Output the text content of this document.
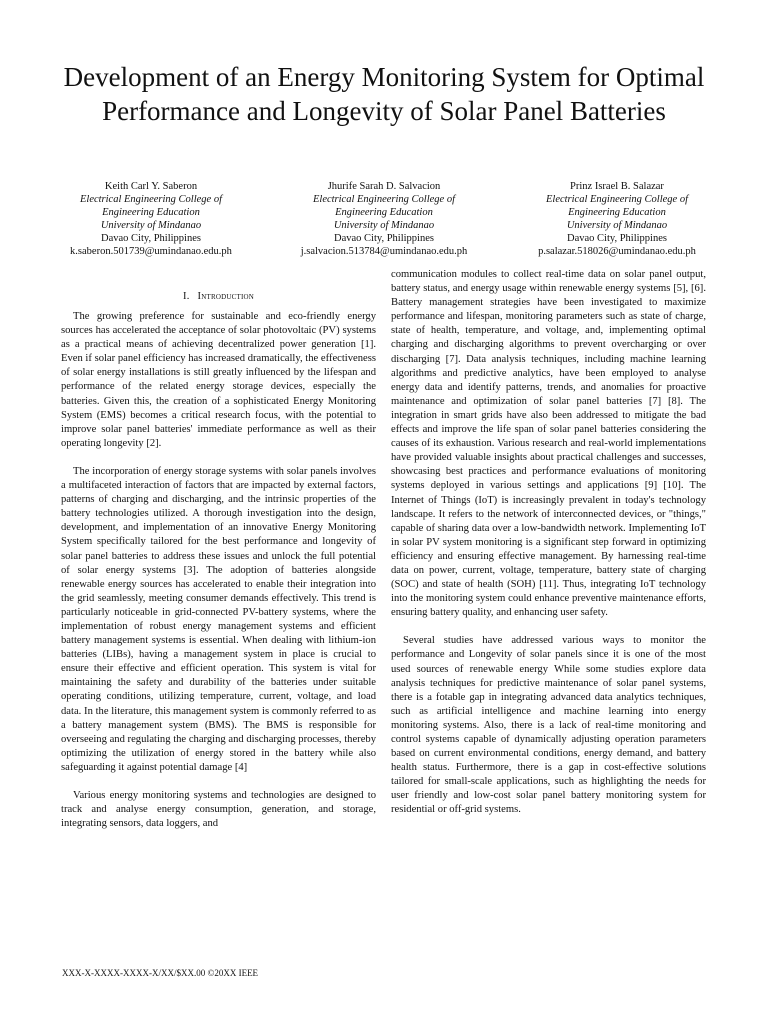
Development of an Energy Monitoring System for Optimal Performance and Longevity of Solar Panel Batteries
Keith Carl Y. Saberon
Electrical Engineering College of
Engineering Education
University of Mindanao
Davao City, Philippines
k.saberon.501739@umindanao.edu.ph
Jhurife Sarah D. Salvacion
Electrical Engineering College of
Engineering Education
University of Mindanao
Davao City, Philippines
j.salvacion.513784@umindanao.edu.ph
Prinz Israel B. Salazar
Electrical Engineering College of
Engineering Education
University of Mindanao
Davao City, Philippines
p.salazar.518026@umindanao.edu.ph
I. Introduction

The growing preference for sustainable and eco-friendly energy sources has accelerated the acceptance of solar photovoltaic (PV) systems as a practical means of achieving decentralized power generation [1]. Even if solar panel efficiency has increased dramatically, the effectiveness of solar energy installations is still greatly influenced by the lifespan and performance of the related energy storage devices, especially the batteries. Given this, the creation of a sophisticated Energy Monitoring System (EMS) becomes a critical research focus, with the potential to improve solar panel batteries' immediate performance as well as their operating longevity [2].

The incorporation of energy storage systems with solar panels involves a multifaceted interaction of factors that are impacted by external factors, patterns of charging and discharging, and the intrinsic properties of the battery technologies utilized. A thorough investigation into the design, development, and implementation of an innovative Energy Monitoring System specifically tailored for the best performance and longevity of solar panel batteries to address these issues and unlock the full potential of solar energy systems [3]. The adoption of batteries alongside renewable energy sources has accelerated to enable their integration into the grid seamlessly, meeting consumer demands effectively. This trend is particularly noticeable in grid-connected PV-battery systems, where the implementation of robust energy management systems and efficient battery management systems is essential. When dealing with lithium-ion batteries (LIBs), having a management system in place is crucial to ensure their effective and efficient operation. This system is vital for maintaining the safety and durability of the batteries under suitable operating conditions, utilizing temperature, current, voltage, and load data. In the literature, this management system is commonly referred to as a battery management system (BMS). The BMS is responsible for overseeing and regulating the charging and discharging processes, thereby optimizing the utilization of energy stored in the battery while also safeguarding it against potential damage [4]

Various energy monitoring systems and technologies are designed to track and analyse energy consumption, generation, and storage, integrating sensors, data loggers, and

communication modules to collect real-time data on solar panel output, battery status, and energy usage within renewable energy systems [5], [6]. Battery management strategies have been investigated to maximize performance and lifespan, monitoring parameters such as state of charge, state of health, temperature, and voltage, and, implementing optimal charging and discharging algorithms to prevent overcharging or over discharging [7]. Data analysis techniques, including machine learning algorithms and predictive analytics, have been employed to analyse energy data and identify patterns, trends, and anomalies for proactive maintenance and optimization of solar panel batteries [7] [8]. The integration in smart grids have also been addressed to mitigate the bad effects and improve the life span of solar panel batteries considering the causes of its exhaustion. Various research and real-world implementations have provided valuable insights about practical challenges and successes, showcasing best practices and performance evaluations of monitoring systems deployed in various settings and applications [9] [10]. The Internet of Things (IoT) is increasingly prevalent in today's technology landscape. It refers to the network of interconnected devices, or "things," capable of sharing data over a low-bandwidth network. Implementing IoT in solar PV system monitoring is a significant step forward in optimizing efficiency and ensuring effective management. By harnessing real-time data on power, current, voltage, temperature, battery state of charging (SOC) and state of health (SOH) [11]. Thus, integrating IoT technology into the monitoring system could enhance preventive maintenance efforts, ensuring battery quality, and enhancing user safety.

Several studies have addressed various ways to monitor the performance and Longevity of solar panels since it is one of the most used sources of renewable energy While some studies explore data analysis techniques for predictive maintenance of solar panel systems, there is a fotable gap in integrating advanced data analytics techniques, such as artificial intelligence and machine learning into energy monitoring systems. Also, there is a lack of real-time monitoring and control systems capable of dynamically adjusting operation parameters based on current environmental conditions, energy demand, and battery health status. Furthermore, there is a gap in cost-effective solutions tailored for small-scale applications, such as highlighting the needs for user friendly and low-cost solar panel battery monitoring system for residential or off-grid systems.

XXX-X-XXXX-XXXX-X/XX/$XX.00 ©20XX IEEE
